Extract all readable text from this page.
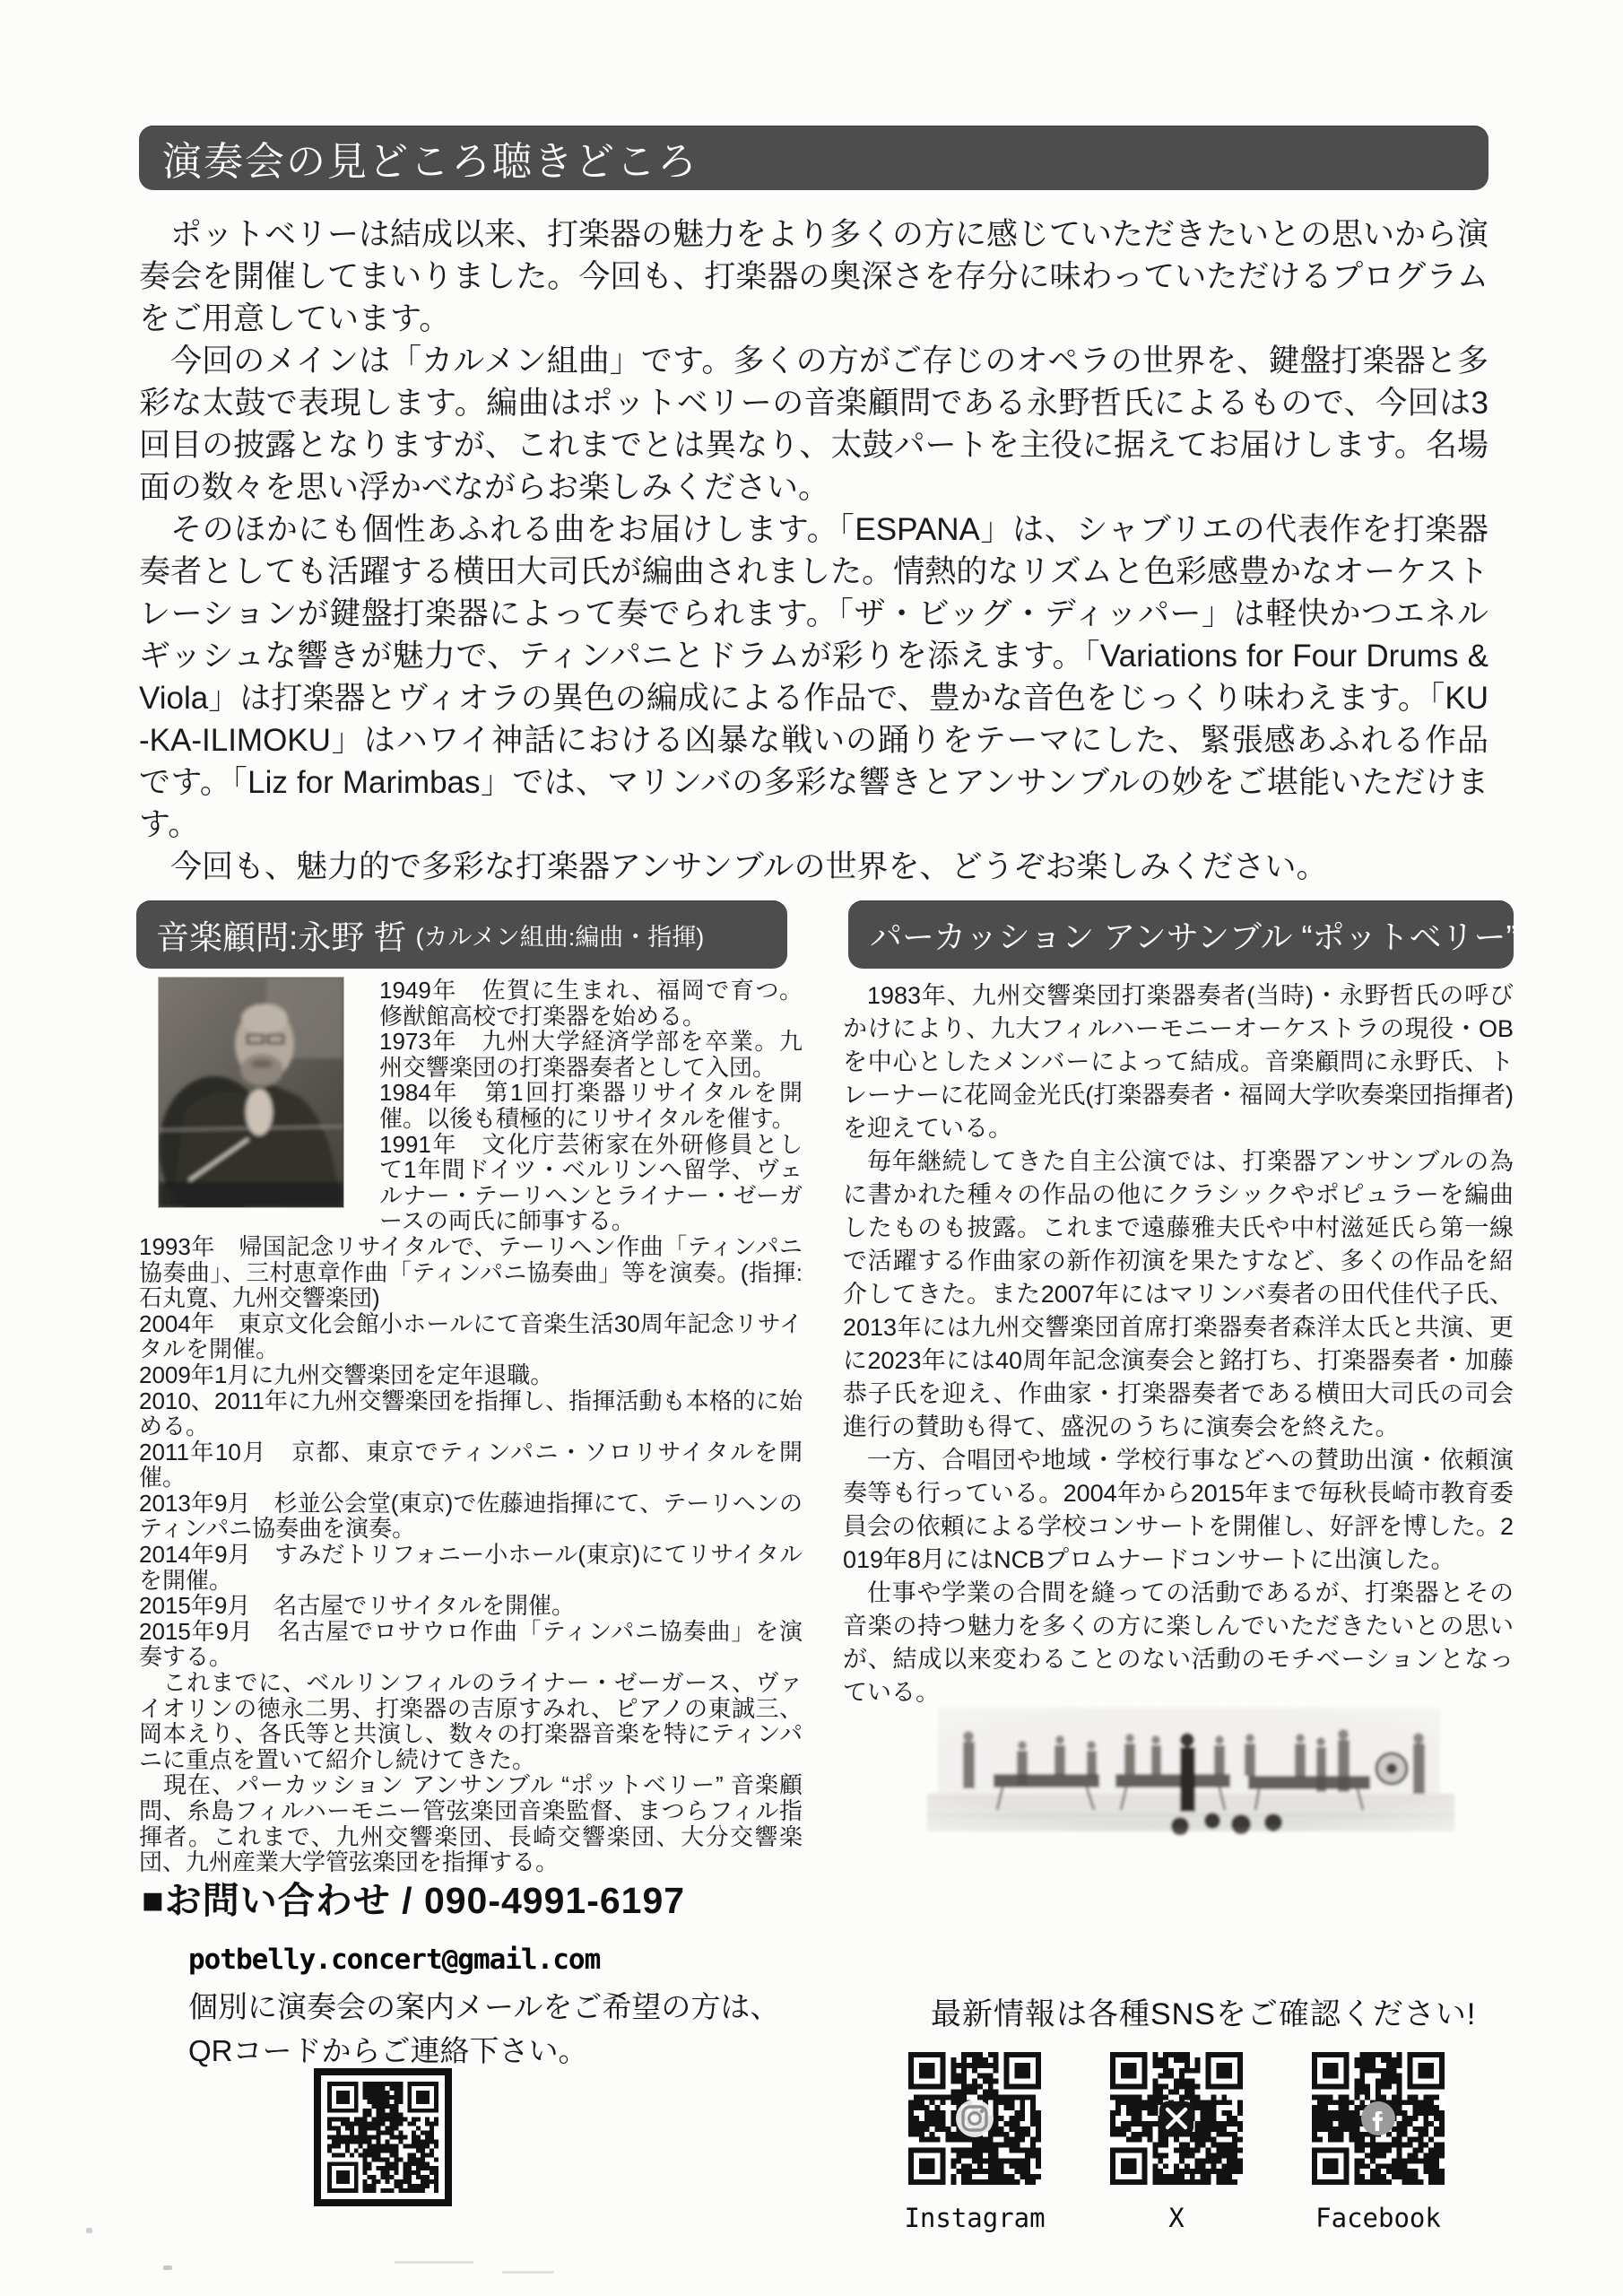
演奏会の見どころ聴きどころ

ポットベリーは結成以来、打楽器の魅力をより多くの方に感じていただきたいとの思いから演奏会を開催してまいりました。今回も、打楽器の奥深さを存分に味わっていただけるプログラムをご用意しています。

今回のメインは「カルメン組曲」です。多くの方がご存じのオペラの世界を、鍵盤打楽器と多彩な太鼓で表現します。編曲はポットベリーの音楽顧問である永野哲氏によるもので、今回は3回目の披露となりますが、これまでとは異なり、太鼓パートを主役に据えてお届けします。名場面の数々を思い浮かべながらお楽しみください。

そのほかにも個性あふれる曲をお届けします。「ESPANA」は、シャブリエの代表作を打楽器奏者としても活躍する横田大司氏が編曲されました。情熱的なリズムと色彩感豊かなオーケストレーションが鍵盤打楽器によって奏でられます。「ザ・ビッグ・ディッパー」は軽快かつエネルギッシュな響きが魅力で、ティンパニとドラムが彩りを添えます。「Variations for Four Drums & Viola」は打楽器とヴィオラの異色の編成による作品で、豊かな音色をじっくり味わえます。「KU-KA-ILIMOKU」はハワイ神話における凶暴な戦いの踊りをテーマにした、緊張感あふれる作品です。「Liz for Marimbas」では、マリンバの多彩な響きとアンサンブルの妙をご堪能いただけます。

今回も、魅力的で多彩な打楽器アンサンブルの世界を、どうぞお楽しみください。

音楽顧問:永野 哲 (カルメン組曲:編曲・指揮)	パーカッション アンサンブル “ポットベリー”
1949年　佐賀に生まれ、福岡で育つ。修猷館高校で打楽器を始める。
1973年　九州大学経済学部を卒業。九州交響楽団の打楽器奏者として入団。
1984年　第1回打楽器リサイタルを開催。以後も積極的にリサイタルを催す。
1991年　文化庁芸術家在外研修員として1年間ドイツ・ベルリンへ留学、ヴェルナー・テーリヘンとライナー・ゼーガースの両氏に師事する。
1993年　帰国記念リサイタルで、テーリヘン作曲「ティンパニ協奏曲」、三村恵章作曲「ティンパニ協奏曲」等を演奏。(指揮:　石丸寛、九州交響楽団)
2004年　東京文化会館小ホールにて音楽生活30周年記念リサイタルを開催。
2009年1月に九州交響楽団を定年退職。
2010、2011年に九州交響楽団を指揮し、指揮活動も本格的に始める。
2011年10月　京都、東京でティンパニ・ソロリサイタルを開催。
2013年9月　杉並公会堂(東京)で佐藤迪指揮にて、テーリヘンのティンパニ協奏曲を演奏。
2014年9月　すみだトリフォニー小ホール(東京)にてリサイタルを開催。
2015年9月　名古屋でリサイタルを開催。
2015年9月　名古屋でロサウロ作曲「ティンパニ協奏曲」を演奏する。
　これまでに、ベルリンフィルのライナー・ゼーガース、ヴァイオリンの徳永二男、打楽器の吉原すみれ、ピアノの東誠三、岡本えり、各氏等と共演し、数々の打楽器音楽を特にティンパニに重点を置いて紹介し続けてきた。
　現在、パーカッション アンサンブル “ポットベリー” 音楽顧問、糸島フィルハーモニー管弦楽団音楽監督、まつらフィル指揮者。これまで、九州交響楽団、長崎交響楽団、大分交響楽団、九州産業大学管弦楽団を指揮する。

1983年、九州交響楽団打楽器奏者(当時)・永野哲氏の呼びかけにより、九大フィルハーモニーオーケストラの現役・OBを中心としたメンバーによって結成。音楽顧問に永野氏、トレーナーに花岡金光氏(打楽器奏者・福岡大学吹奏楽団指揮者)を迎えている。

毎年継続してきた自主公演では、打楽器アンサンブルの為に書かれた種々の作品の他にクラシックやポピュラーを編曲したものも披露。これまで遠藤雅夫氏や中村滋延氏ら第一線で活躍する作曲家の新作初演を果たすなど、多くの作品を紹介してきた。また2007年にはマリンバ奏者の田代佳代子氏、2013年には九州交響楽団首席打楽器奏者森洋太氏と共演、更に2023年には40周年記念演奏会と銘打ち、打楽器奏者・加藤恭子氏を迎え、作曲家・打楽器奏者である横田大司氏の司会進行の賛助も得て、盛況のうちに演奏会を終えた。

一方、合唱団や地域・学校行事などへの賛助出演・依頼演奏等も行っている。2004年から2015年まで毎秋長崎市教育委員会の依頼による学校コンサートを開催し、好評を博した。2019年8月にはNCBプロムナードコンサートに出演した。

仕事や学業の合間を縫っての活動であるが、打楽器とその音楽の持つ魅力を多くの方に楽しんでいただきたいとの思いが、結成以来変わることのない活動のモチベーションとなっている。

■お問い合わせ / 090-4991-6197
potbelly.concert@gmail.com
個別に演奏会の案内メールをご希望の方は、
QRコードからご連絡下さい。
最新情報は各種SNSをご確認ください!
Instagram	X	Facebook
